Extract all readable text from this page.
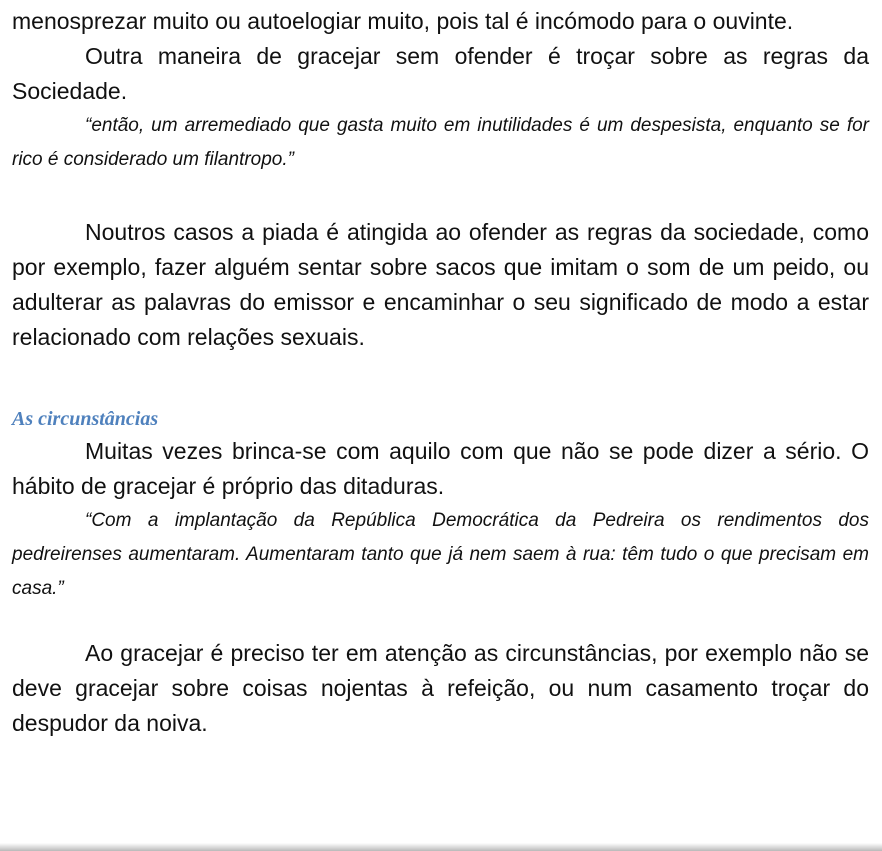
menosprezar muito ou autoelogiar muito, pois tal é incómodo para o ouvinte.

Outra maneira de gracejar sem ofender é troçar sobre as regras da Sociedade.

“então, um arremediado que gasta muito em inutilidades é um despesista, enquanto se for rico é considerado um filantropo.”

Noutros casos a piada é atingida ao ofender as regras da sociedade, como por exemplo, fazer alguém sentar sobre sacos que imitam o som de um peido, ou adulterar as palavras do emissor e encaminhar o seu significado de modo a estar relacionado com relações sexuais.

As circunstâncias

Muitas vezes brinca-se com aquilo com que não se pode dizer a sério. O hábito de gracejar é próprio das ditaduras.

“Com a implantação da República Democrática da Pedreira os rendimentos dos pedreirenses aumentaram. Aumentaram tanto que já nem saem à rua: têm tudo o que precisam em casa.”

Ao gracejar é preciso ter em atenção as circunstâncias, por exemplo não se deve gracejar sobre coisas nojentas à refeição, ou num casamento troçar do despudor da noiva.
